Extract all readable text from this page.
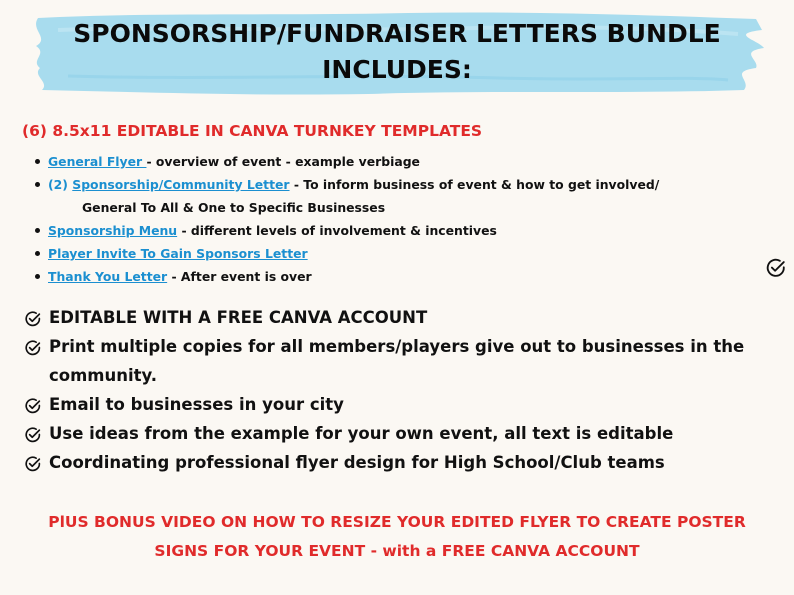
SPONSORSHIP/FUNDRAISER LETTERS BUNDLE
INCLUDES:
(6) 8.5x11 EDITABLE IN CANVA TURNKEY TEMPLATES
General Flyer - overview of event - example verbiage
(2) Sponsorship/Community Letter - To inform business of event & how to get involved/
General To All & One to Specific Businesses
Sponsorship Menu - different levels of involvement & incentives
Player Invite To Gain Sponsors Letter
Thank You Letter - After event is over
EDITABLE WITH A FREE CANVA ACCOUNT
Print multiple copies for all members/players give out to businesses in the
community.
Email to businesses in your city
Use ideas from the example for your own event, all text is editable
Coordinating professional flyer design for High School/Club teams
PlUS BONUS VIDEO ON HOW TO RESIZE YOUR EDITED FLYER TO CREATE POSTER
SIGNS FOR YOUR EVENT - with a FREE CANVA ACCOUNT
